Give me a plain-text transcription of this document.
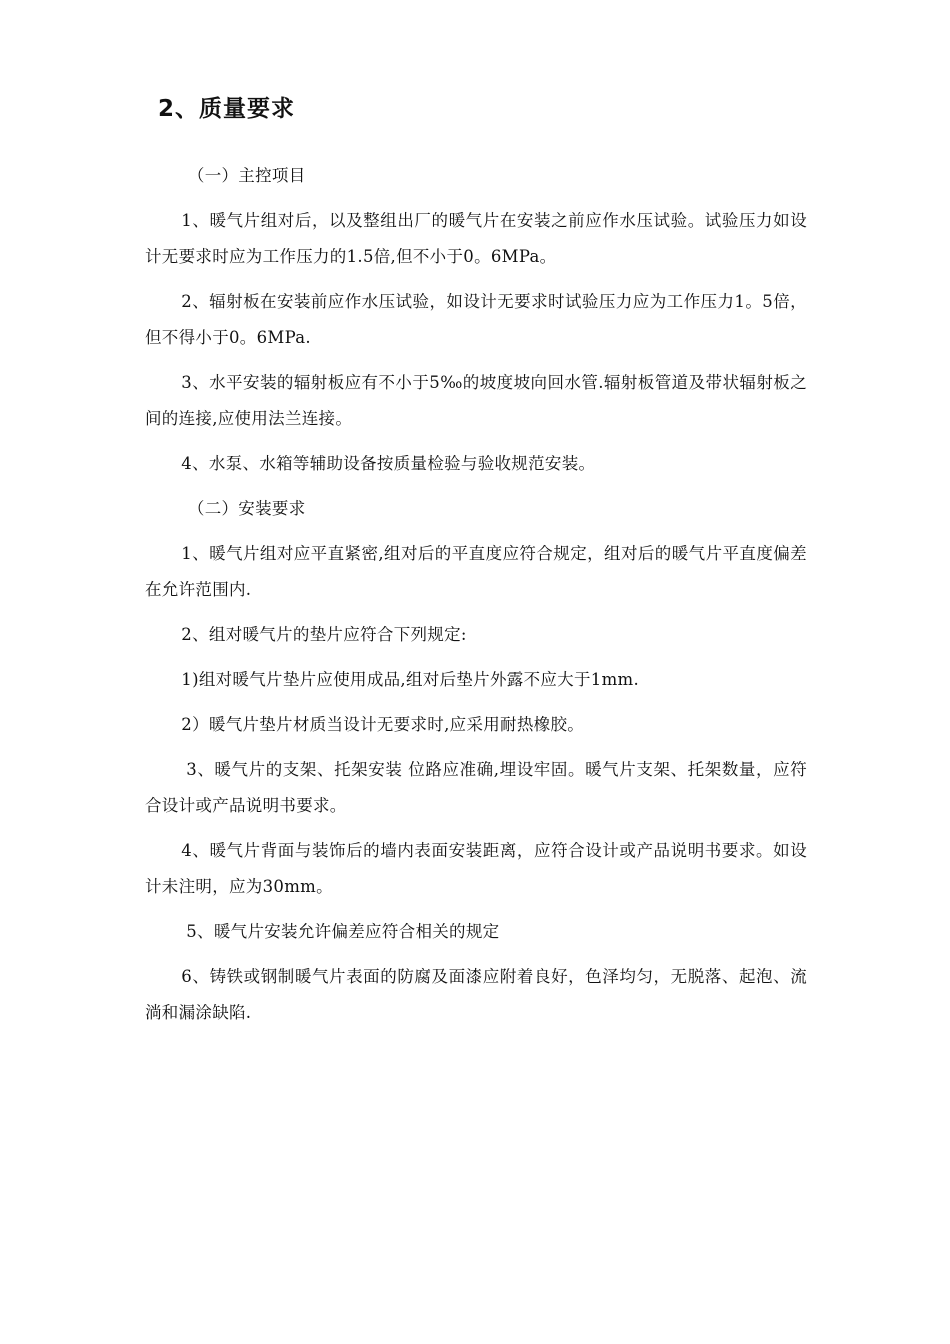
2、质量要求

（一）主控项目

1、暖气片组对后，以及整组出厂的暖气片在安装之前应作水压试验。试验压力如设计无要求时应为工作压力的1.5倍,但不小于0。6MPa。

2、辐射板在安装前应作水压试验，如设计无要求时试验压力应为工作压力1。5倍，但不得小于0。6MPa.

3、水平安装的辐射板应有不小于5‰的坡度坡向回水管.辐射板管道及带状辐射板之间的连接,应使用法兰连接。

4、水泵、水箱等辅助设备按质量检验与验收规范安装。

（二）安装要求

1、暖气片组对应平直紧密,组对后的平直度应符合规定，组对后的暖气片平直度偏差在允许范围内.

2、组对暖气片的垫片应符合下列规定:

1)组对暖气片垫片应使用成品,组对后垫片外露不应大于1mm.

2）暖气片垫片材质当设计无要求时,应采用耐热橡胶。

3、暖气片的支架、托架安装 位路应准确,埋设牢固。暖气片支架、托架数量，应符合设计或产品说明书要求。

4、暖气片背面与装饰后的墙内表面安装距离，应符合设计或产品说明书要求。如设计未注明，应为30mm。

5、暖气片安装允许偏差应符合相关的规定

6、铸铁或钢制暖气片表面的防腐及面漆应附着良好，色泽均匀，无脱落、起泡、流淌和漏涂缺陷.
